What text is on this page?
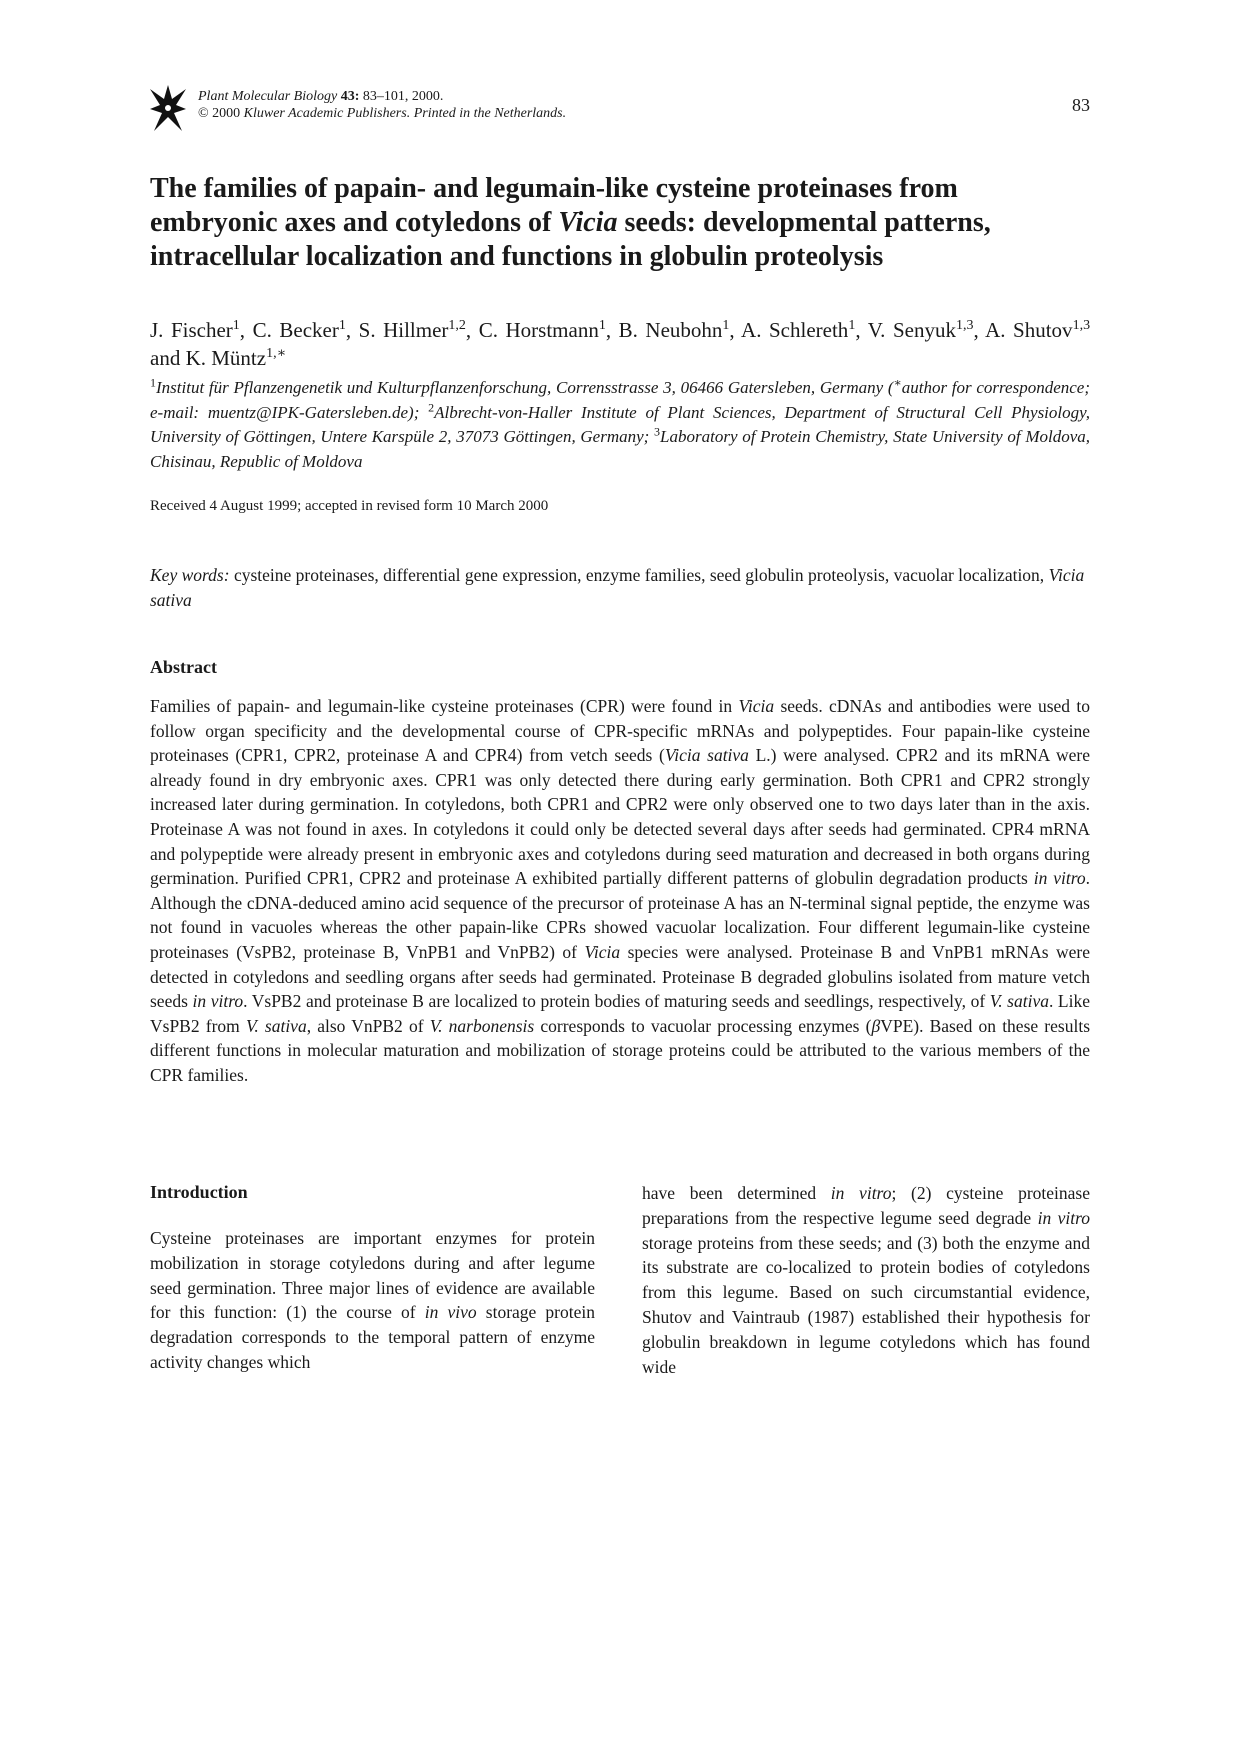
Plant Molecular Biology 43: 83–101, 2000.
© 2000 Kluwer Academic Publishers. Printed in the Netherlands.	83
The families of papain- and legumain-like cysteine proteinases from embryonic axes and cotyledons of Vicia seeds: developmental patterns, intracellular localization and functions in globulin proteolysis
J. Fischer$^1$, C. Becker$^1$, S. Hillmer$^{1,2}$, C. Horstmann$^1$, B. Neubohn$^1$, A. Schlereth$^1$, V. Senyuk$^{1,3}$, A. Shutov$^{1,3}$ and K. Müntz$^{1,∗}$
$^1$Institut für Pflanzengenetik und Kulturpflanzenforschung, Corrensstrasse 3, 06466 Gatersleben, Germany (∗author for correspondence; e-mail: muentz@IPK-Gatersleben.de); $^2$Albrecht-von-Haller Institute of Plant Sciences, Department of Structural Cell Physiology, University of Göttingen, Untere Karspüle 2, 37073 Göttingen, Germany; $^3$Laboratory of Protein Chemistry, State University of Moldova, Chisinau, Republic of Moldova
Received 4 August 1999; accepted in revised form 10 March 2000
Key words: cysteine proteinases, differential gene expression, enzyme families, seed globulin proteolysis, vacuolar localization, Vicia sativa
Abstract

Families of papain- and legumain-like cysteine proteinases (CPR) were found in Vicia seeds. cDNAs and antibodies were used to follow organ specificity and the developmental course of CPR-specific mRNAs and polypeptides. Four papain-like cysteine proteinases (CPR1, CPR2, proteinase A and CPR4) from vetch seeds (Vicia sativa L.) were analysed. CPR2 and its mRNA were already found in dry embryonic axes. CPR1 was only detected there during early germination. Both CPR1 and CPR2 strongly increased later during germination. In cotyledons, both CPR1 and CPR2 were only observed one to two days later than in the axis. Proteinase A was not found in axes. In cotyledons it could only be detected several days after seeds had germinated. CPR4 mRNA and polypeptide were already present in embryonic axes and cotyledons during seed maturation and decreased in both organs during germination. Purified CPR1, CPR2 and proteinase A exhibited partially different patterns of globulin degradation products in vitro. Although the cDNA-deduced amino acid sequence of the precursor of proteinase A has an N-terminal signal peptide, the enzyme was not found in vacuoles whereas the other papain-like CPRs showed vacuolar localization. Four different legumain-like cysteine proteinases (VsPB2, proteinase B, VnPB1 and VnPB2) of Vicia species were analysed. Proteinase B and VnPB1 mRNAs were detected in cotyledons and seedling organs after seeds had germinated. Proteinase B degraded globulins isolated from mature vetch seeds in vitro. VsPB2 and proteinase B are localized to protein bodies of maturing seeds and seedlings, respectively, of V. sativa. Like VsPB2 from V. sativa, also VnPB2 of V. narbonensis corresponds to vacuolar processing enzymes (βVPE). Based on these results different functions in molecular maturation and mobilization of storage proteins could be attributed to the various members of the CPR families.

Introduction

Cysteine proteinases are important enzymes for protein mobilization in storage cotyledons during and after legume seed germination. Three major lines of evidence are available for this function: (1) the course of in vivo storage protein degradation corresponds to the temporal pattern of enzyme activity changes which

have been determined in vitro; (2) cysteine proteinase preparations from the respective legume seed degrade in vitro storage proteins from these seeds; and (3) both the enzyme and its substrate are co-localized to protein bodies of cotyledons from this legume. Based on such circumstantial evidence, Shutov and Vaintraub (1987) established their hypothesis for globulin breakdown in legume cotyledons which has found wide
